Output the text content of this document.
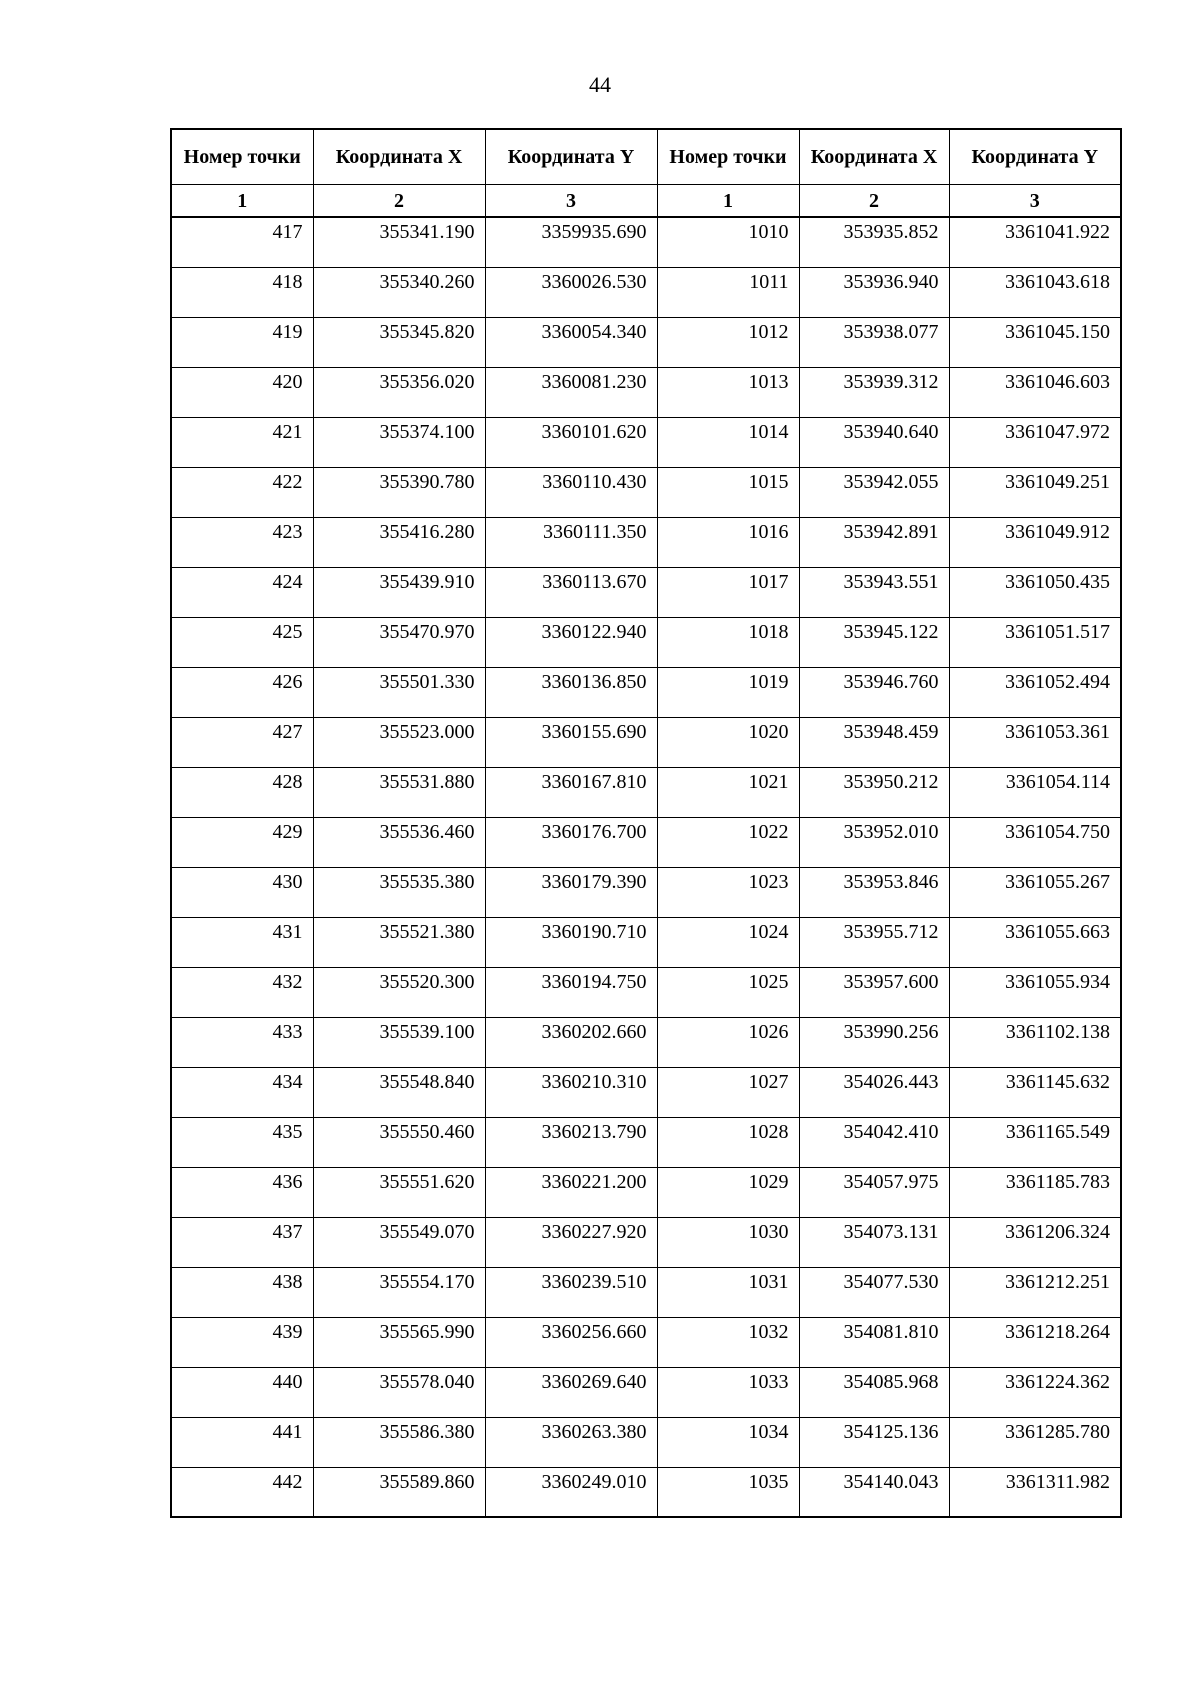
44
Номер точки	Координата X	Координата Y	Номер точки	Координата X	Координата Y
1	2	3	1	2	3
417	355341.190	3359935.690	1010	353935.852	3361041.922
418	355340.260	3360026.530	1011	353936.940	3361043.618
419	355345.820	3360054.340	1012	353938.077	3361045.150
420	355356.020	3360081.230	1013	353939.312	3361046.603
421	355374.100	3360101.620	1014	353940.640	3361047.972
422	355390.780	3360110.430	1015	353942.055	3361049.251
423	355416.280	3360111.350	1016	353942.891	3361049.912
424	355439.910	3360113.670	1017	353943.551	3361050.435
425	355470.970	3360122.940	1018	353945.122	3361051.517
426	355501.330	3360136.850	1019	353946.760	3361052.494
427	355523.000	3360155.690	1020	353948.459	3361053.361
428	355531.880	3360167.810	1021	353950.212	3361054.114
429	355536.460	3360176.700	1022	353952.010	3361054.750
430	355535.380	3360179.390	1023	353953.846	3361055.267
431	355521.380	3360190.710	1024	353955.712	3361055.663
432	355520.300	3360194.750	1025	353957.600	3361055.934
433	355539.100	3360202.660	1026	353990.256	3361102.138
434	355548.840	3360210.310	1027	354026.443	3361145.632
435	355550.460	3360213.790	1028	354042.410	3361165.549
436	355551.620	3360221.200	1029	354057.975	3361185.783
437	355549.070	3360227.920	1030	354073.131	3361206.324
438	355554.170	3360239.510	1031	354077.530	3361212.251
439	355565.990	3360256.660	1032	354081.810	3361218.264
440	355578.040	3360269.640	1033	354085.968	3361224.362
441	355586.380	3360263.380	1034	354125.136	3361285.780
442	355589.860	3360249.010	1035	354140.043	3361311.982
